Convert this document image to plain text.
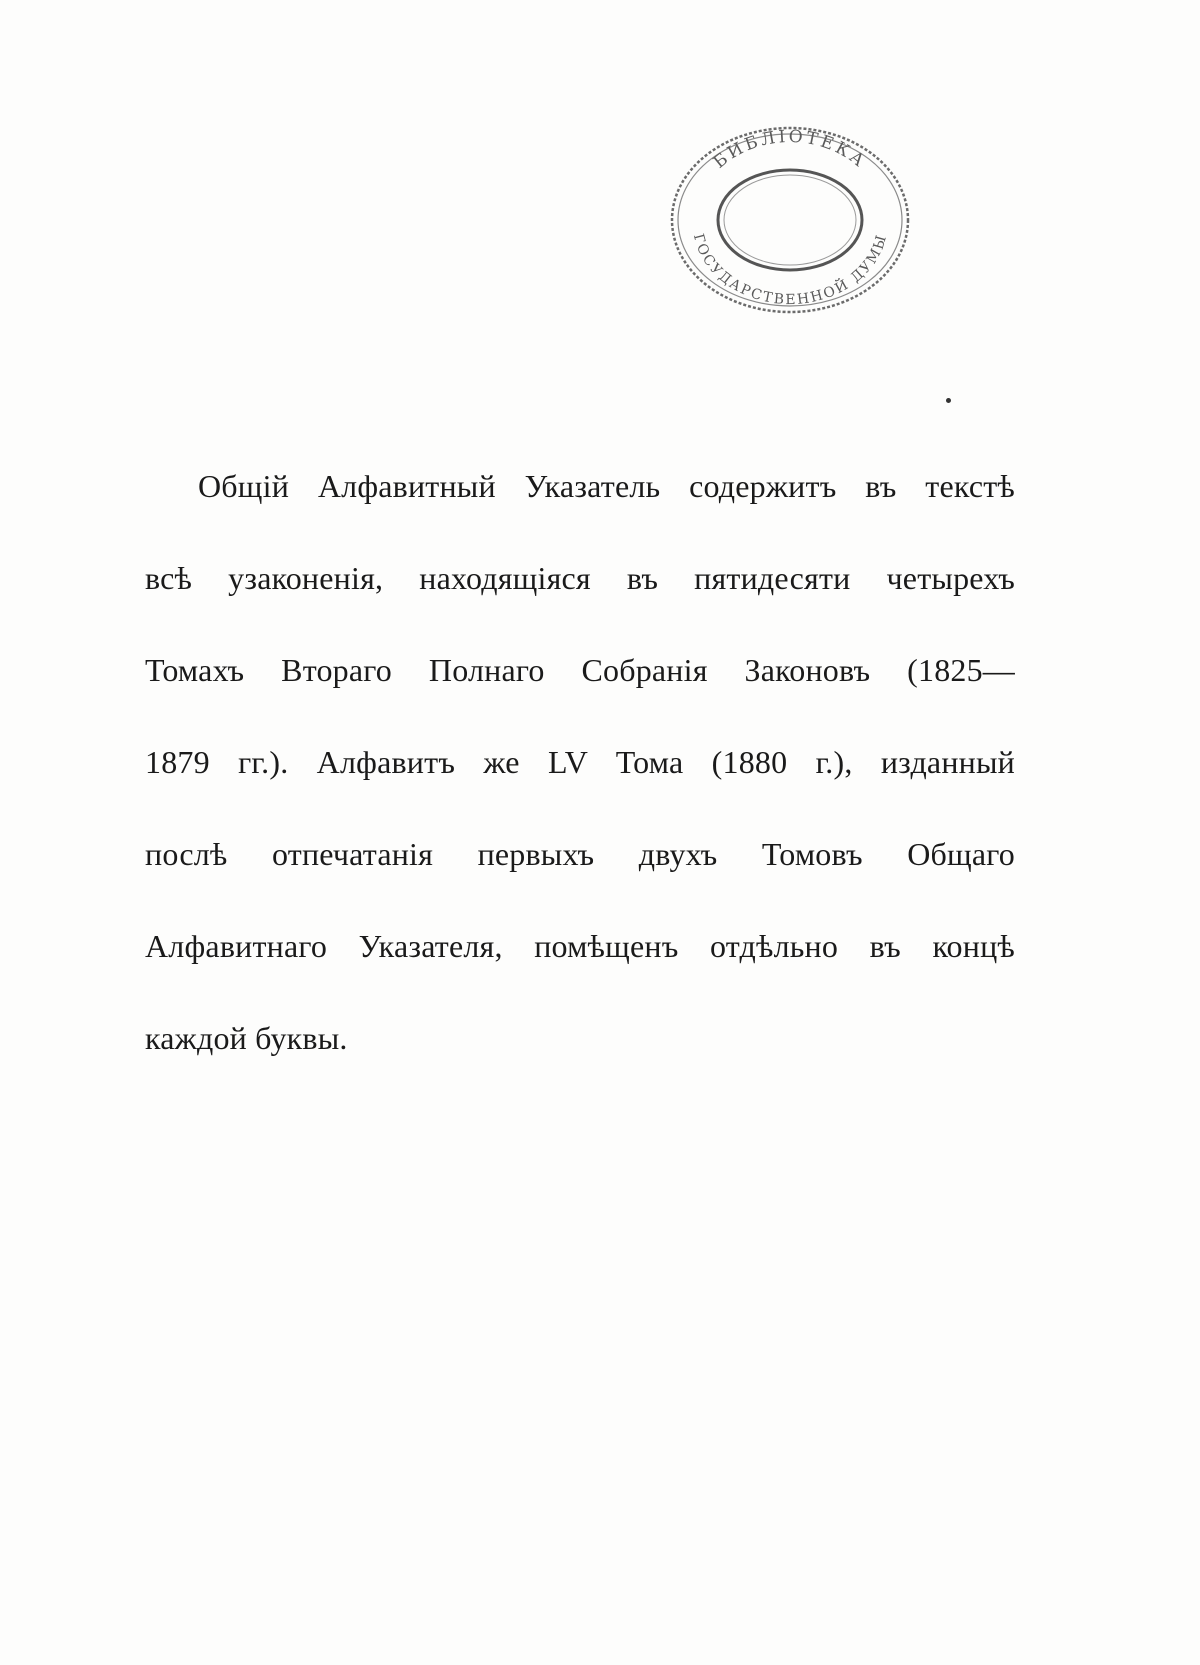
БИБЛIОТЕКА
ГОСУДАРСТВЕННОЙ ДУМЫ
Общій Алфавитный Указатель содержитъ въ текстѣ
всѣ узаконенія, находящіяся въ пятидесяти четырехъ
Томахъ Втораго Полнаго Собранія Законовъ (1825—
1879 гг.). Алфавитъ же LV Тома (1880 г.), изданный
послѣ отпечатанія первыхъ двухъ Томовъ Общаго
Алфавитнаго Указателя, помѣщенъ отдѣльно въ концѣ
каждой буквы.
